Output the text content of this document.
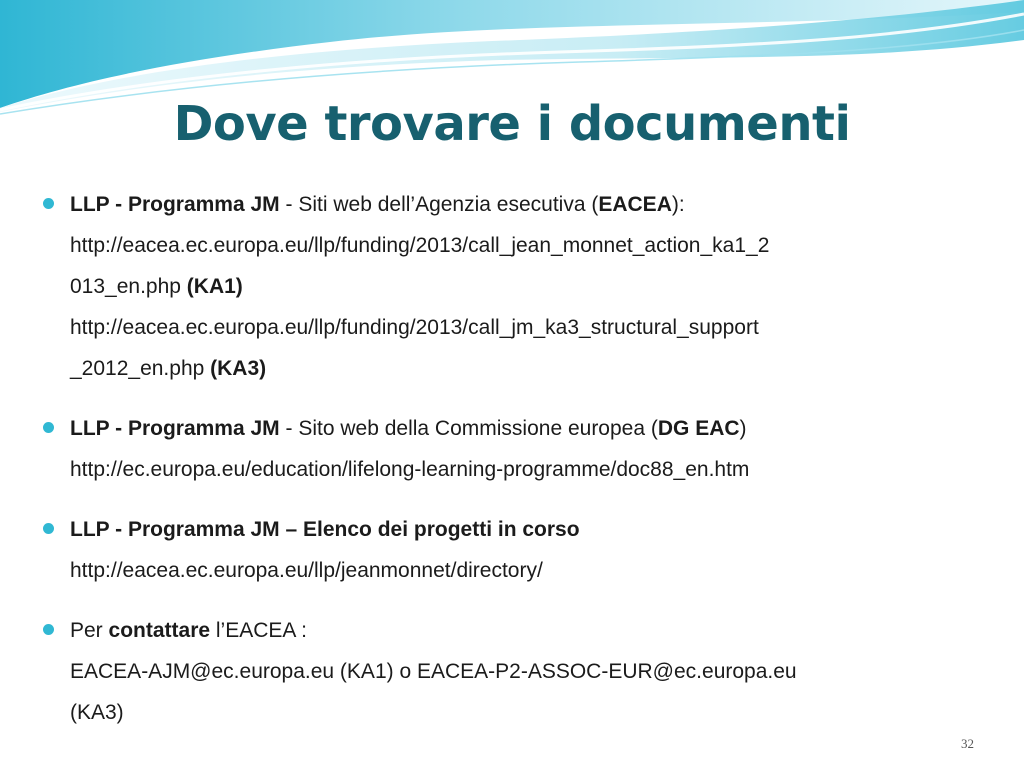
Dove trovare i documenti
LLP - Programma JM - Siti web dell’Agenzia esecutiva (EACEA):
http://eacea.ec.europa.eu/llp/funding/2013/call_jean_monnet_action_ka1_2
013_en.php (KA1)
http://eacea.ec.europa.eu/llp/funding/2013/call_jm_ka3_structural_support
_2012_en.php (KA3)
LLP - Programma JM - Sito web della Commissione europea (DG EAC)
http://ec.europa.eu/education/lifelong-learning-programme/doc88_en.htm
LLP - Programma JM – Elenco dei progetti in corso
http://eacea.ec.europa.eu/llp/jeanmonnet/directory/
Per contattare l’EACEA :
EACEA-AJM@ec.europa.eu (KA1) o EACEA-P2-ASSOC-EUR@ec.europa.eu
(KA3)
32
